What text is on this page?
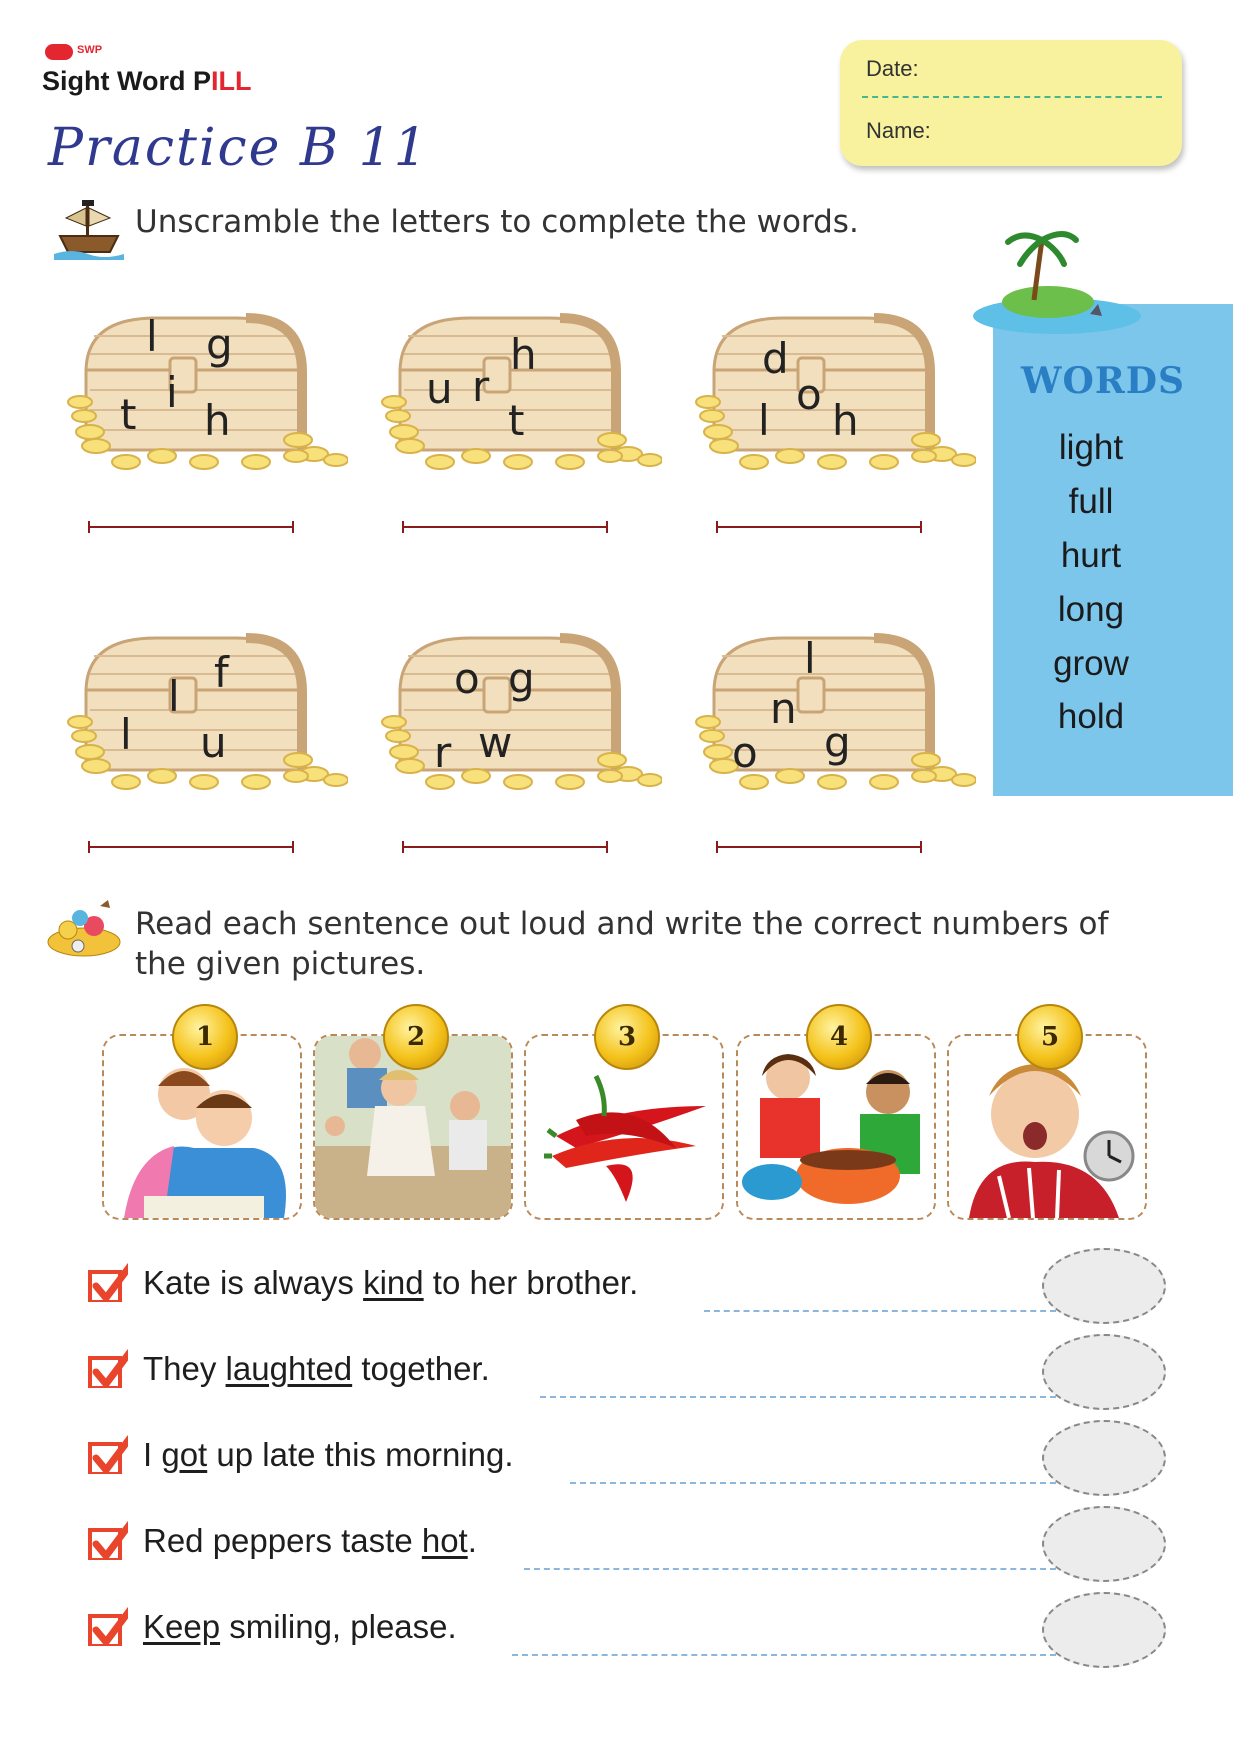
SWP
Sight Word PILL
Practice B 11
Date:
Name:
Unscramble the letters to complete the words.
WORDS
light
full
hurt
long
grow
hold
l g
t i
h
h
u r
t
d
o
l h
f
l
l u
o g
r w
l
n
o g
Read each sentence out loud and write the correct numbers of
the given pictures.
1	2	3	4	5
Kate is always kind to her brother.
They laughted together.
I got up late this morning.
Red peppers taste hot.
Keep smiling, please.
